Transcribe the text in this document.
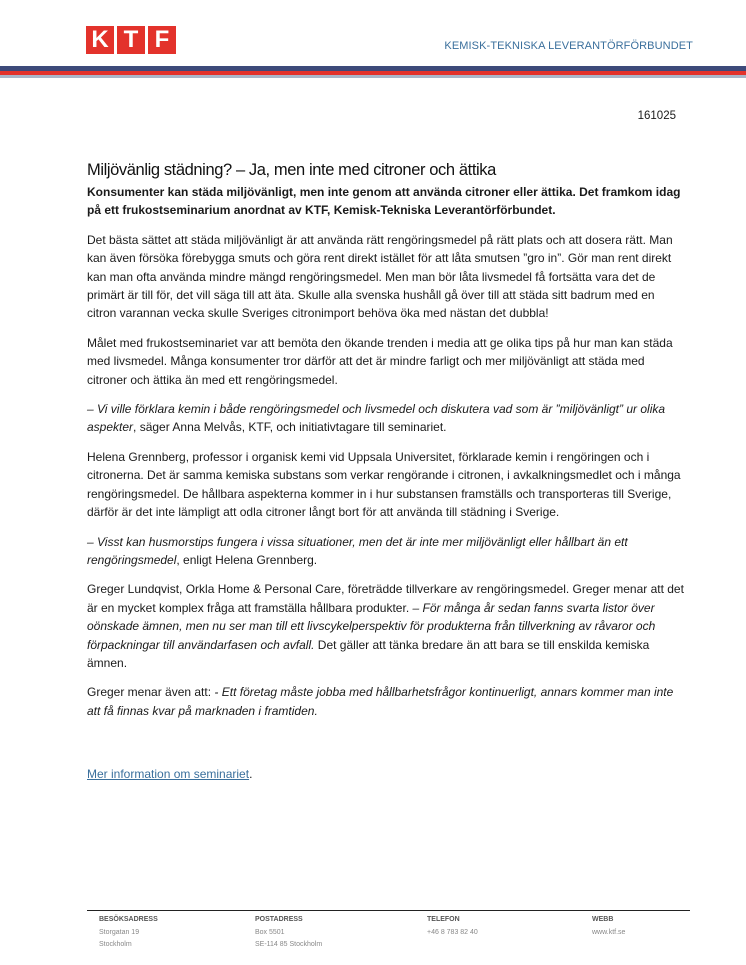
K T F	KEMISK-TEKNISKA LEVERANTÖRFÖRBUNDET
161025
Miljövänlig städning? – Ja, men inte med citroner och ättika

Konsumenter kan städa miljövänligt, men inte genom att använda citroner eller ättika. Det framkom idag på ett frukostseminarium anordnat av KTF, Kemisk-Tekniska Leverantörförbundet.

Det bästa sättet att städa miljövänligt är att använda rätt rengöringsmedel på rätt plats och att dosera rätt. Man kan även försöka förebygga smuts och göra rent direkt istället för att låta smutsen ”gro in”. Gör man rent direkt kan man ofta använda mindre mängd rengöringsmedel. Men man bör låta livsmedel få fortsätta vara det de primärt är till för, det vill säga till att äta. Skulle alla svenska hushåll gå över till att städa sitt badrum med en citron varannan vecka skulle Sveriges citronimport behöva öka med nästan det dubbla!

Målet med frukostseminariet var att bemöta den ökande trenden i media att ge olika tips på hur man kan städa med livsmedel. Många konsumenter tror därför att det är mindre farligt och mer miljövänligt att städa med citroner och ättika än med ett rengöringsmedel.

– Vi ville förklara kemin i både rengöringsmedel och livsmedel och diskutera vad som är ”miljövänligt” ur olika aspekter, säger Anna Melvås, KTF, och initiativtagare till seminariet.

Helena Grennberg, professor i organisk kemi vid Uppsala Universitet, förklarade kemin i rengöringen och i citronerna. Det är samma kemiska substans som verkar rengörande i citronen, i avkalkningsmedlet och i många rengöringsmedel. De hållbara aspekterna kommer in i hur substansen framställs och transporteras till Sverige, därför är det inte lämpligt att odla citroner långt bort för att använda till städning i Sverige.

– Visst kan husmorstips fungera i vissa situationer, men det är inte mer miljövänligt eller hållbart än ett rengöringsmedel, enligt Helena Grennberg.

Greger Lundqvist, Orkla Home & Personal Care, företrädde tillverkare av rengöringsmedel. Greger menar att det är en mycket komplex fråga att framställa hållbara produkter. – För många år sedan fanns svarta listor över oönskade ämnen, men nu ser man till ett livscykelperspektiv för produkterna från tillverkning av råvaror och förpackningar till användarfasen och avfall. Det gäller att tänka bredare än att bara se till enskilda kemiska ämnen.

Greger menar även att: - Ett företag måste jobba med hållbarhetsfrågor kontinuerligt, annars kommer man inte att få finnas kvar på marknaden i framtiden.

Mer information om seminariet.

BESÖKSADRESS
Storgatan 19
Stockholm
POSTADRESS
Box 5501
SE-114 85 Stockholm
TELEFON
+46 8 783 82 40
WEBB
www.ktf.se
